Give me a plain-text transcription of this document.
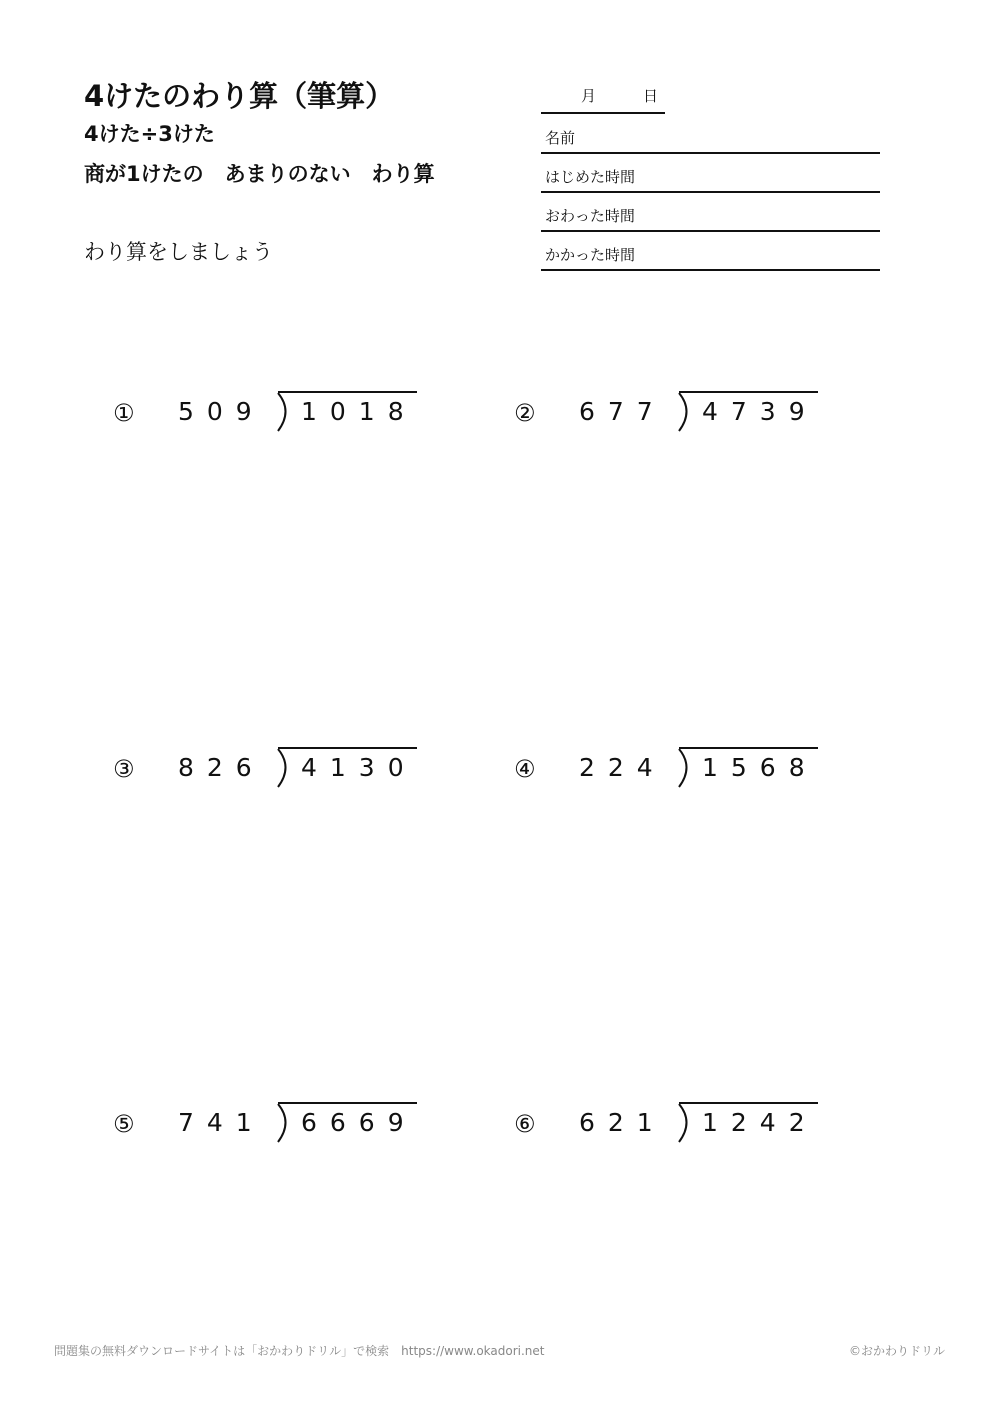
4けたのわり算（筆算）
4けた÷3けた
商が1けたの　あまりのない　わり算
わり算をしましょう
月	日
名前
はじめた時間
おわった時間
かかった時間
① 509 1018	② 677 4739
③ 826 4130	④ 224 1568
⑤ 741 6669	⑥ 621 1242
問題集の無料ダウンロードサイトは「おかわりドリル」で検索　https://www.okadori.net	©おかわりドリル
